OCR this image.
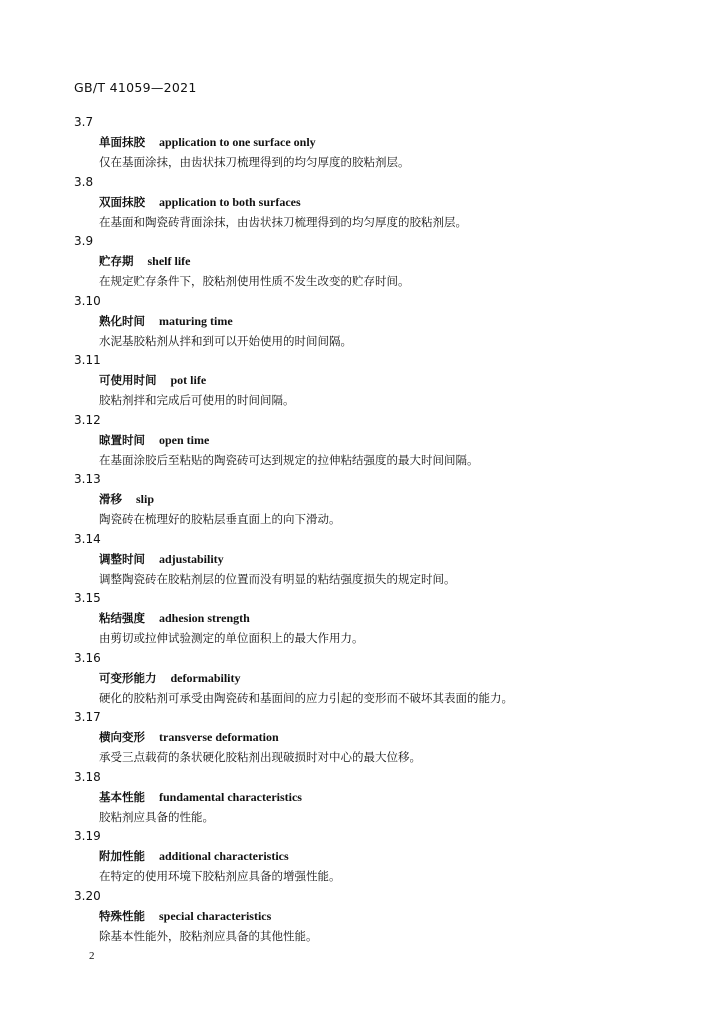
GB/T 41059—2021
3.7
单面抹胶 application to one surface only
仅在基面涂抹，由齿状抹刀梳理得到的均匀厚度的胶粘剂层。
3.8
双面抹胶 application to both surfaces
在基面和陶瓷砖背面涂抹，由齿状抹刀梳理得到的均匀厚度的胶粘剂层。
3.9
贮存期 shelf life
在规定贮存条件下，胶粘剂使用性质不发生改变的贮存时间。
3.10
熟化时间 maturing time
水泥基胶粘剂从拌和到可以开始使用的时间间隔。
3.11
可使用时间 pot life
胶粘剂拌和完成后可使用的时间间隔。
3.12
晾置时间 open time
在基面涂胶后至粘贴的陶瓷砖可达到规定的拉伸粘结强度的最大时间间隔。
3.13
滑移 slip
陶瓷砖在梳理好的胶粘层垂直面上的向下滑动。
3.14
调整时间 adjustability
调整陶瓷砖在胶粘剂层的位置而没有明显的粘结强度损失的规定时间。
3.15
粘结强度 adhesion strength
由剪切或拉伸试验测定的单位面积上的最大作用力。
3.16
可变形能力 deformability
硬化的胶粘剂可承受由陶瓷砖和基面间的应力引起的变形而不破坏其表面的能力。
3.17
横向变形 transverse deformation
承受三点载荷的条状硬化胶粘剂出现破损时对中心的最大位移。
3.18
基本性能 fundamental characteristics
胶粘剂应具备的性能。
3.19
附加性能 additional characteristics
在特定的使用环境下胶粘剂应具备的增强性能。
3.20
特殊性能 special characteristics
除基本性能外，胶粘剂应具备的其他性能。
2
